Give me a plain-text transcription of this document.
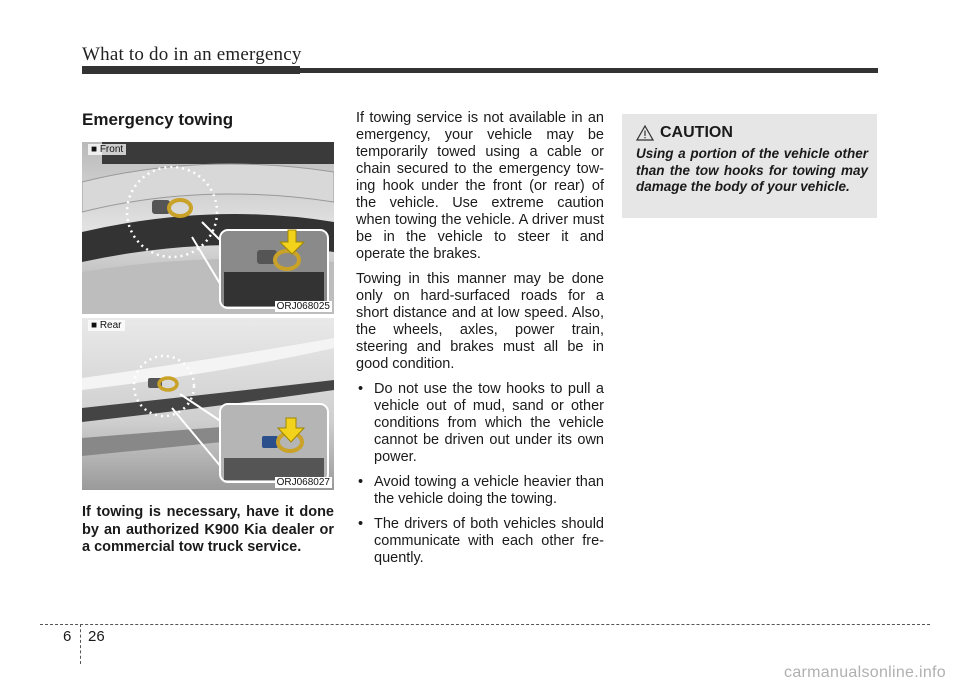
What to do in an emergency
Emergency towing
■ Front
ORJ068025
■ Rear
ORJ068027
If towing is necessary, have it done by an authorized K900 Kia dealer or a commercial tow truck service.

If towing service is not available in an emergency, your vehicle may be temporarily towed using a cable or chain secured to the emergency tow-ing hook under the front (or rear) of the vehicle. Use extreme caution when towing the vehicle. A driver must be in the vehicle to steer it and operate the brakes.

Towing in this manner may be done only on hard-surfaced roads for a short distance and at low speed. Also, the wheels, axles, power train, steering and brakes must all be in good condition.

• Do not use the tow hooks to pull a vehicle out of mud, sand or other conditions from which the vehicle cannot be driven out under its own power.
• Avoid towing a vehicle heavier than the vehicle doing the towing.
• The drivers of both vehicles should communicate with each other fre-quently.
CAUTION
Using a portion of the vehicle other than the tow hooks for towing may damage the body of your vehicle.
6 26
carmanualsonline.info
